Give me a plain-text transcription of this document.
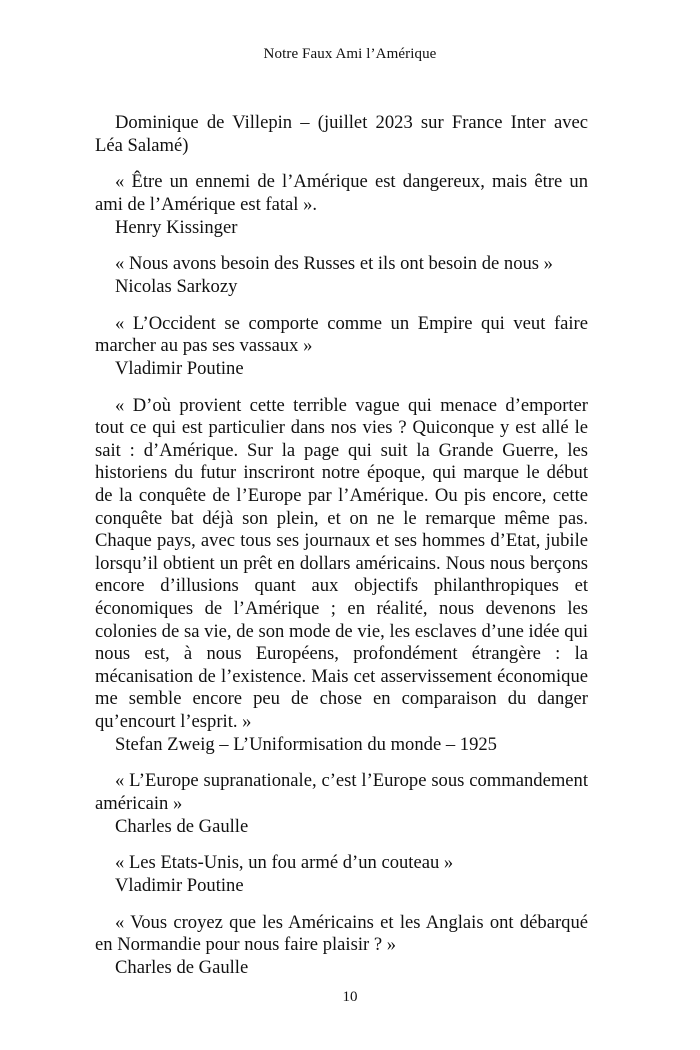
Notre Faux Ami l’Amérique

Dominique de Villepin – (juillet 2023 sur France Inter avec Léa Salamé)

« Être un ennemi de l’Amérique est dangereux, mais être un ami de l’Amérique est fatal ».

Henry Kissinger

« Nous avons besoin des Russes et ils ont besoin de nous »

Nicolas Sarkozy

« L’Occident se comporte comme un Empire qui veut faire marcher au pas ses vassaux »

Vladimir Poutine

« D’où provient cette terrible vague qui menace d’emporter tout ce qui est particulier dans nos vies ? Quiconque y est allé le sait : d’Amérique. Sur la page qui suit la Grande Guerre, les historiens du futur inscriront notre époque, qui marque le début de la conquête de l’Europe par l’Amérique. Ou pis encore, cette conquête bat déjà son plein, et on ne le remarque même pas. Chaque pays, avec tous ses journaux et ses hommes d’Etat, jubile lorsqu’il obtient un prêt en dollars américains. Nous nous berçons encore d’illusions quant aux objectifs philanthropiques et économiques de l’Amérique ; en réalité, nous devenons les colonies de sa vie, de son mode de vie, les esclaves d’une idée qui nous est, à nous Européens, profondément étrangère : la mécanisation de l’existence. Mais cet asservissement économique me semble encore peu de chose en comparaison du danger qu’encourt l’esprit. »

Stefan Zweig – L’Uniformisation du monde – 1925

« L’Europe supranationale, c’est l’Europe sous commandement américain »

Charles de Gaulle

« Les Etats-Unis, un fou armé d’un couteau »

Vladimir Poutine

« Vous croyez que les Américains et les Anglais ont débarqué en Normandie pour nous faire plaisir ? »

Charles de Gaulle

10
